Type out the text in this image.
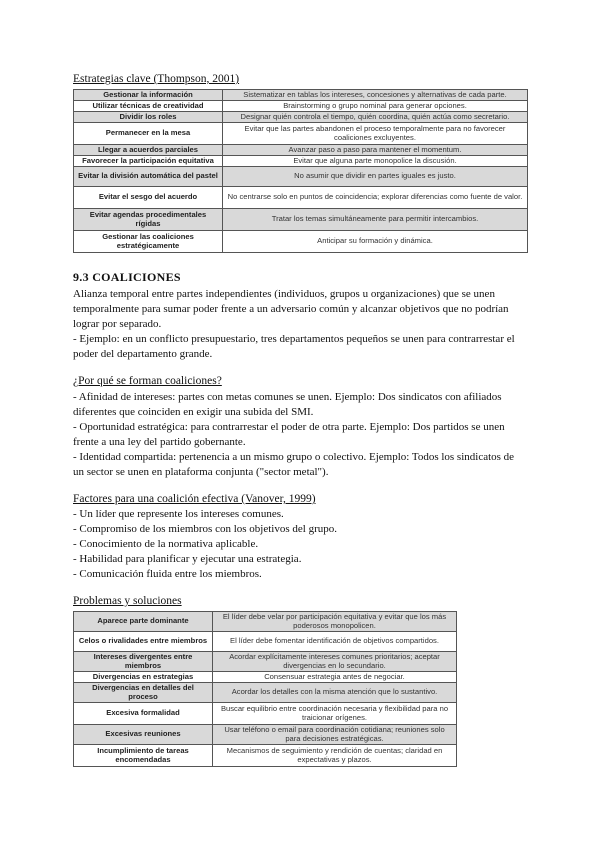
Estrategias clave (Thompson, 2001)
Gestionar la información	Sistematizar en tablas los intereses, concesiones y alternativas de cada parte.
Utilizar técnicas de creatividad	Brainstorming o grupo nominal para generar opciones.
Dividir los roles	Designar quién controla el tiempo, quién coordina, quién actúa como secretario.
Permanecer en la mesa	Evitar que las partes abandonen el proceso temporalmente para no favorecer coaliciones excluyentes.
Llegar a acuerdos parciales	Avanzar paso a paso para mantener el momentum.
Favorecer la participación equitativa	Evitar que alguna parte monopolice la discusión.
Evitar la división automática del pastel	No asumir que dividir en partes iguales es justo.
Evitar el sesgo del acuerdo	No centrarse solo en puntos de coincidencia; explorar diferencias como fuente de valor.
Evitar agendas procedimentales rígidas	Tratar los temas simultáneamente para permitir intercambios.
Gestionar las coaliciones estratégicamente	Anticipar su formación y dinámica.
9.3 COALICIONES
Alianza temporal entre partes independientes (individuos, grupos u organizaciones) que se unen temporalmente para sumar poder frente a un adversario común y alcanzar objetivos que no podrían lograr por separado.
- Ejemplo: en un conflicto presupuestario, tres departamentos pequeños se unen para contrarrestar el poder del departamento grande.
¿Por qué se forman coaliciones?
- Afinidad de intereses: partes con metas comunes se unen. Ejemplo: Dos sindicatos con afiliados diferentes que coinciden en exigir una subida del SMI.
- Oportunidad estratégica: para contrarrestar el poder de otra parte. Ejemplo: Dos partidos se unen frente a una ley del partido gobernante.
- Identidad compartida: pertenencia a un mismo grupo o colectivo. Ejemplo: Todos los sindicatos de un sector se unen en plataforma conjunta ("sector metal").
Factores para una coalición efectiva (Vanover, 1999)
- Un líder que represente los intereses comunes.
- Compromiso de los miembros con los objetivos del grupo.
- Conocimiento de la normativa aplicable.
- Habilidad para planificar y ejecutar una estrategia.
- Comunicación fluida entre los miembros.
Problemas y soluciones
Aparece parte dominante	El líder debe velar por participación equitativa y evitar que los más poderosos monopolicen.
Celos o rivalidades entre miembros	El líder debe fomentar identificación de objetivos compartidos.
Intereses divergentes entre miembros	Acordar explícitamente intereses comunes prioritarios; aceptar divergencias en lo secundario.
Divergencias en estrategias	Consensuar estrategia antes de negociar.
Divergencias en detalles del proceso	Acordar los detalles con la misma atención que lo sustantivo.
Excesiva formalidad	Buscar equilibrio entre coordinación necesaria y flexibilidad para no traicionar orígenes.
Excesivas reuniones	Usar teléfono o email para coordinación cotidiana; reuniones solo para decisiones estratégicas.
Incumplimiento de tareas encomendadas	Mecanismos de seguimiento y rendición de cuentas; claridad en expectativas y plazos.
